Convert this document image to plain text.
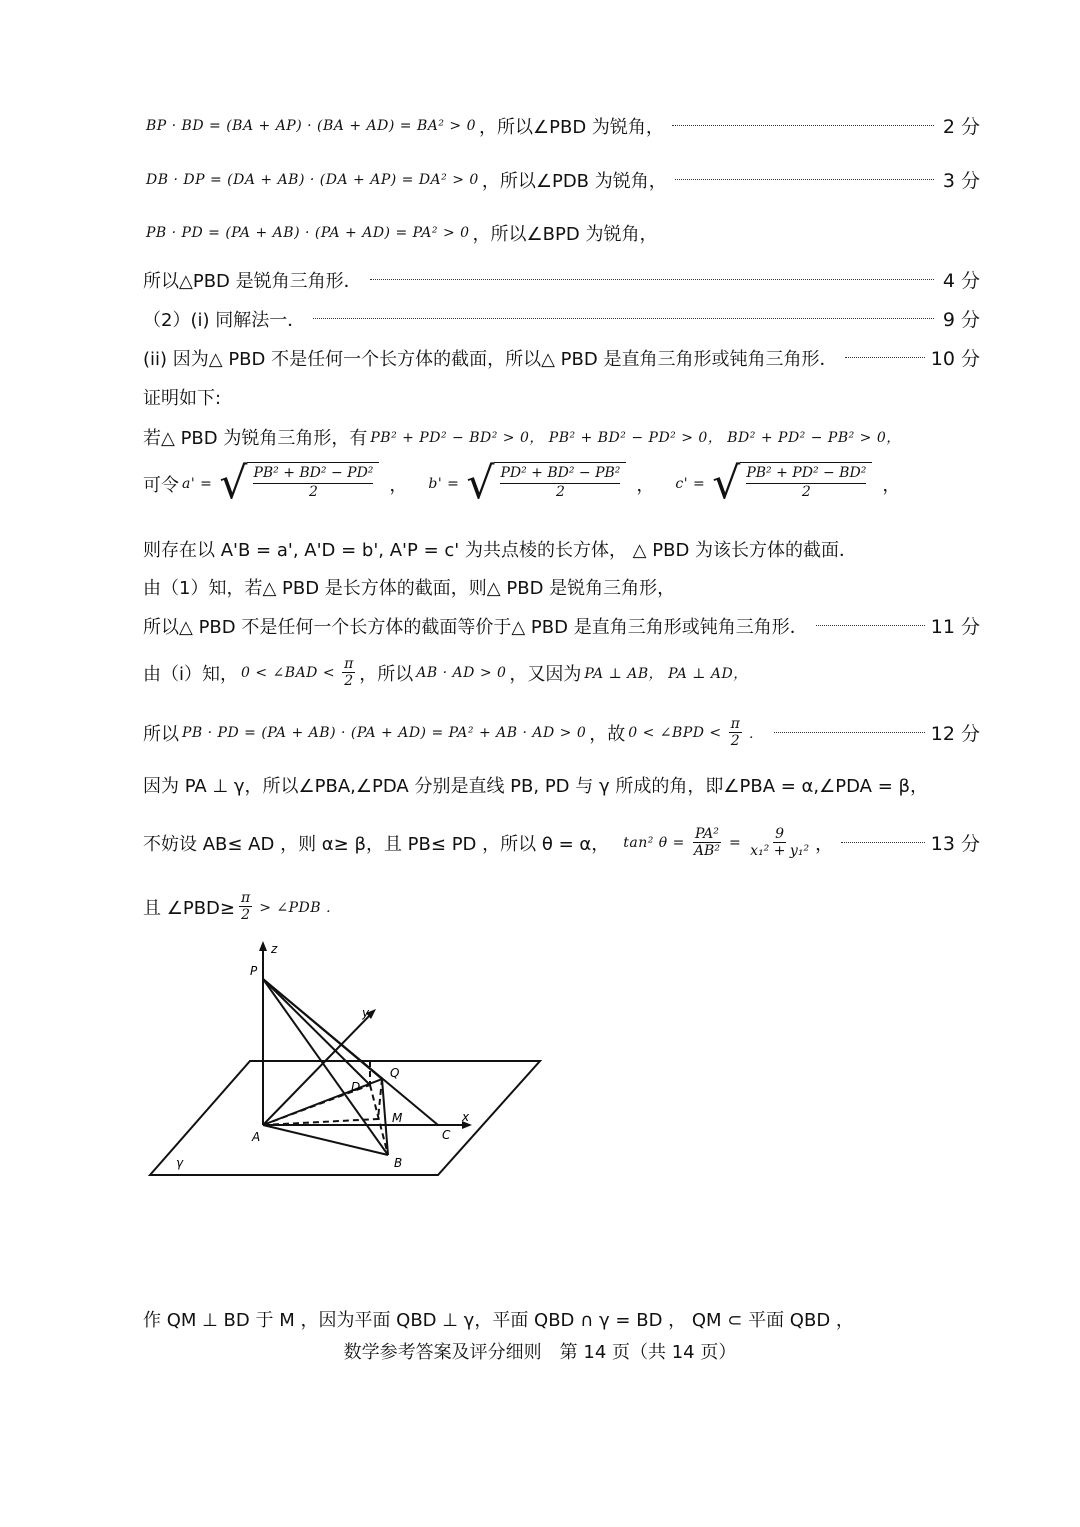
BP · BD = (BA + AP) · (BA + AD) = BA² > 0 ，所以∠PBD 为锐角，	2 分
DB · DP = (DA + AB) · (DA + AP) = DA² > 0 ，所以∠PDB 为锐角，	3 分
PB · PD = (PA + AB) · (PA + AD) = PA² > 0 ，所以∠BPD 为锐角，
所以△PBD 是锐角三角形．	4 分
（2）(i) 同解法一．	9 分
(ii) 因为△ PBD 不是任何一个长方体的截面，所以△ PBD 是直角三角形或钝角三角形．	10 分
证明如下:
若△ PBD 为锐角三角形，有 PB² + PD² − BD² > 0， PB² + BD² − PD² > 0， BD² + PD² − PB² > 0，
可令 a' = √ $\frac{\text{PB² + BD² − PD²}}{2}$ ， b' = √ $\frac{\text{PD² + BD² − PB²}}{2}$ ， c' = √ $\frac{\text{PB² + PD² − BD²}}{2}$ ，
则存在以 A'B = a', A'D = b', A'P = c' 为共点棱的长方体， △ PBD 为该长方体的截面．
由（1）知，若△ PBD 是长方体的截面，则△ PBD 是锐角三角形，
所以△ PBD 不是任何一个长方体的截面等价于△ PBD 是直角三角形或钝角三角形．	11 分
由（i）知， 0 < ∠BAD < $\frac{\pi}{2}$ ，所以 AB · AD > 0 ，又因为 PA ⊥ AB， PA ⊥ AD，
所以 PB · PD = (PA + AB) · (PA + AD) = PA² + AB · AD > 0 ，故 0 < ∠BPD < $\frac{\pi}{2}$ ．	12 分
因为 PA ⊥ γ，所以∠PBA,∠PDA 分别是直线 PB, PD 与 γ 所成的角，即∠PBA = α,∠PDA = β，
不妨设 AB≤ AD ，则 α≥ β，且 PB≤ PD ，所以 θ = α， tan² $\theta = \frac{\text{PA²}}{\text{AB²}} = \frac{9}{\text{x₁² + y₁²}}$ ，	13 分
且 ∠PBD≥ $\frac{\pi}{2}$ > ∠PDB ．
z
P
y
x
Q
D
M
A	C
B
γ
作 QM ⊥ BD 于 M ，因为平面 QBD ⊥ γ，平面 QBD ∩ γ = BD ， QM ⊂ 平面 QBD ，
数学参考答案及评分细则　第 14 页（共 14 页）
